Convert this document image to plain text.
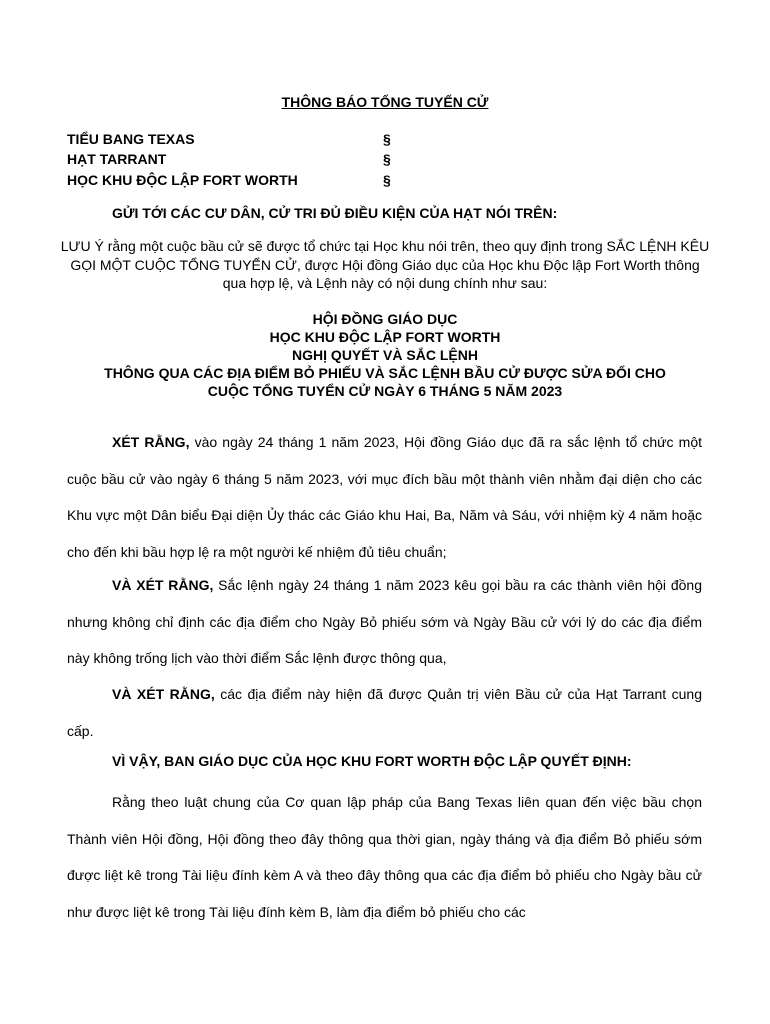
THÔNG BÁO TỔNG TUYỂN CỬ
TIỂU BANG TEXAS	§
HẠT TARRANT	§
HỌC KHU ĐỘC LẬP FORT WORTH	§
GỬI TỚI CÁC CƯ DÂN, CỬ TRI ĐỦ ĐIỀU KIỆN CỦA HẠT NÓI TRÊN:
LƯU Ý rằng một cuộc bầu cử sẽ được tổ chức tại Học khu nói trên, theo quy định trong SẮC LỆNH KÊU GỌI MỘT CUỘC TỔNG TUYỂN CỬ, được Hội đồng Giáo dục của Học khu Độc lập Fort Worth thông qua hợp lệ, và Lệnh này có nội dung chính như sau:
HỘI ĐỒNG GIÁO DỤC
HỌC KHU ĐỘC LẬP FORT WORTH
NGHỊ QUYẾT VÀ SẮC LỆNH
THÔNG QUA CÁC ĐỊA ĐIỂM BỎ PHIẾU VÀ SẮC LỆNH BẦU CỬ ĐƯỢC SỬA ĐỔI CHO
CUỘC TỔNG TUYỂN CỬ NGÀY 6 THÁNG 5 NĂM 2023
XÉT RẰNG, vào ngày 24 tháng 1 năm 2023, Hội đồng Giáo dục đã ra sắc lệnh tổ chức một cuộc bầu cử vào ngày 6 tháng 5 năm 2023, với mục đích bầu một thành viên nhằm đại diện cho các Khu vực một Dân biểu Đại diện Ủy thác các Giáo khu Hai, Ba, Năm và Sáu, với nhiệm kỳ 4 năm hoặc cho đến khi bầu hợp lệ ra một người kế nhiệm đủ tiêu chuẩn;
VÀ XÉT RẰNG, Sắc lệnh ngày 24 tháng 1 năm 2023 kêu gọi bầu ra các thành viên hội đồng nhưng không chỉ định các địa điểm cho Ngày Bỏ phiếu sớm và Ngày Bầu cử với lý do các địa điểm này không trống lịch vào thời điểm Sắc lệnh được thông qua,
VÀ XÉT RẰNG, các địa điểm này hiện đã được Quản trị viên Bầu cử của Hạt Tarrant cung cấp.
VÌ VẬY, BAN GIÁO DỤC CỦA HỌC KHU FORT WORTH ĐỘC LẬP QUYẾT ĐỊNH:
Rằng theo luật chung của Cơ quan lập pháp của Bang Texas liên quan đến việc bầu chọn Thành viên Hội đồng, Hội đồng theo đây thông qua thời gian, ngày tháng và địa điểm Bỏ phiếu sớm được liệt kê trong Tài liệu đính kèm A và theo đây thông qua các địa điểm bỏ phiếu cho Ngày bầu cử như được liệt kê trong Tài liệu đính kèm B, làm địa điểm bỏ phiếu cho các
